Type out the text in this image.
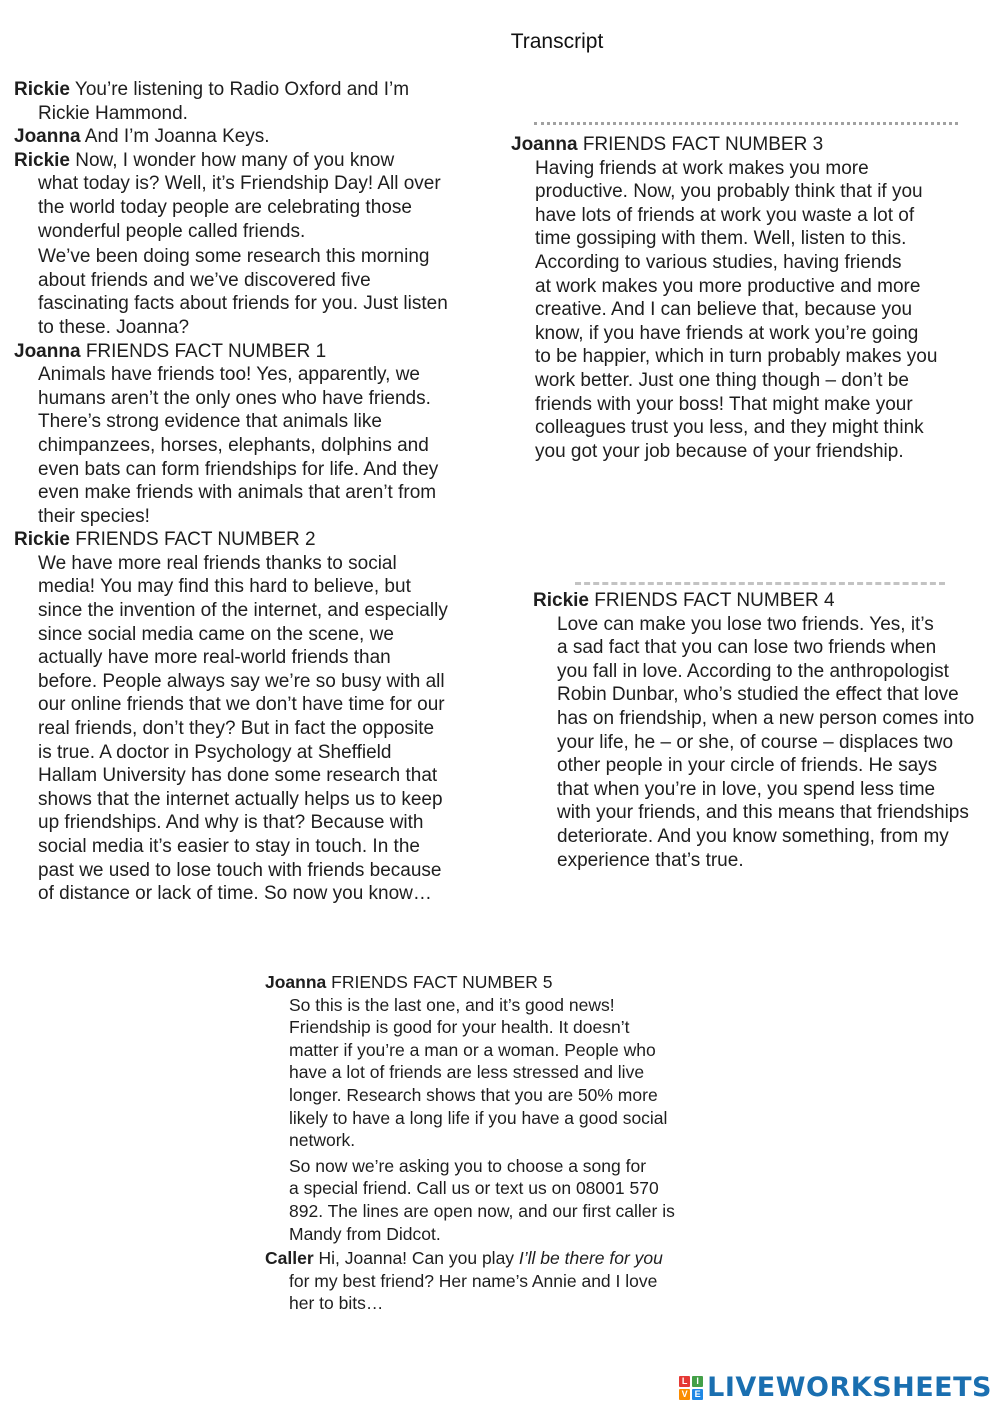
Transcript
Rickie You’re listening to Radio Oxford and I’m
Rickie Hammond.
Joanna And I’m Joanna Keys.
Rickie Now, I wonder how many of you know
what today is? Well, it’s Friendship Day! All over
the world today people are celebrating those
wonderful people called friends.
We’ve been doing some research this morning
about friends and we’ve discovered five
fascinating facts about friends for you. Just listen
to these. Joanna?
Joanna FRIENDS FACT NUMBER 1
Animals have friends too! Yes, apparently, we
humans aren’t the only ones who have friends.
There’s strong evidence that animals like
chimpanzees, horses, elephants, dolphins and
even bats can form friendships for life. And they
even make friends with animals that aren’t from
their species!
Rickie FRIENDS FACT NUMBER 2
We have more real friends thanks to social
media! You may find this hard to believe, but
since the invention of the internet, and especially
since social media came on the scene, we
actually have more real-world friends than
before. People always say we’re so busy with all
our online friends that we don’t have time for our
real friends, don’t they? But in fact the opposite
is true. A doctor in Psychology at Sheffield
Hallam University has done some research that
shows that the internet actually helps us to keep
up friendships. And why is that? Because with
social media it’s easier to stay in touch. In the
past we used to lose touch with friends because
of distance or lack of time. So now you know…
Joanna FRIENDS FACT NUMBER 3
Having friends at work makes you more
productive. Now, you probably think that if you
have lots of friends at work you waste a lot of
time gossiping with them. Well, listen to this.
According to various studies, having friends
at work makes you more productive and more
creative. And I can believe that, because you
know, if you have friends at work you’re going
to be happier, which in turn probably makes you
work better. Just one thing though – don’t be
friends with your boss! That might make your
colleagues trust you less, and they might think
you got your job because of your friendship.
Rickie FRIENDS FACT NUMBER 4
Love can make you lose two friends. Yes, it’s
a sad fact that you can lose two friends when
you fall in love. According to the anthropologist
Robin Dunbar, who’s studied the effect that love
has on friendship, when a new person comes into
your life, he – or she, of course – displaces two
other people in your circle of friends. He says
that when you’re in love, you spend less time
with your friends, and this means that friendships
deteriorate. And you know something, from my
experience that’s true.
Joanna FRIENDS FACT NUMBER 5
So this is the last one, and it’s good news!
Friendship is good for your health. It doesn’t
matter if you’re a man or a woman. People who
have a lot of friends are less stressed and live
longer. Research shows that you are 50% more
likely to have a long life if you have a good social
network.
So now we’re asking you to choose a song for
a special friend. Call us or text us on 08001 570
892. The lines are open now, and our first caller is
Mandy from Didcot.
Caller Hi, Joanna! Can you play I’ll be there for you
for my best friend? Her name’s Annie and I love
her to bits…
L I
V E LIVEWORKSHEETS
